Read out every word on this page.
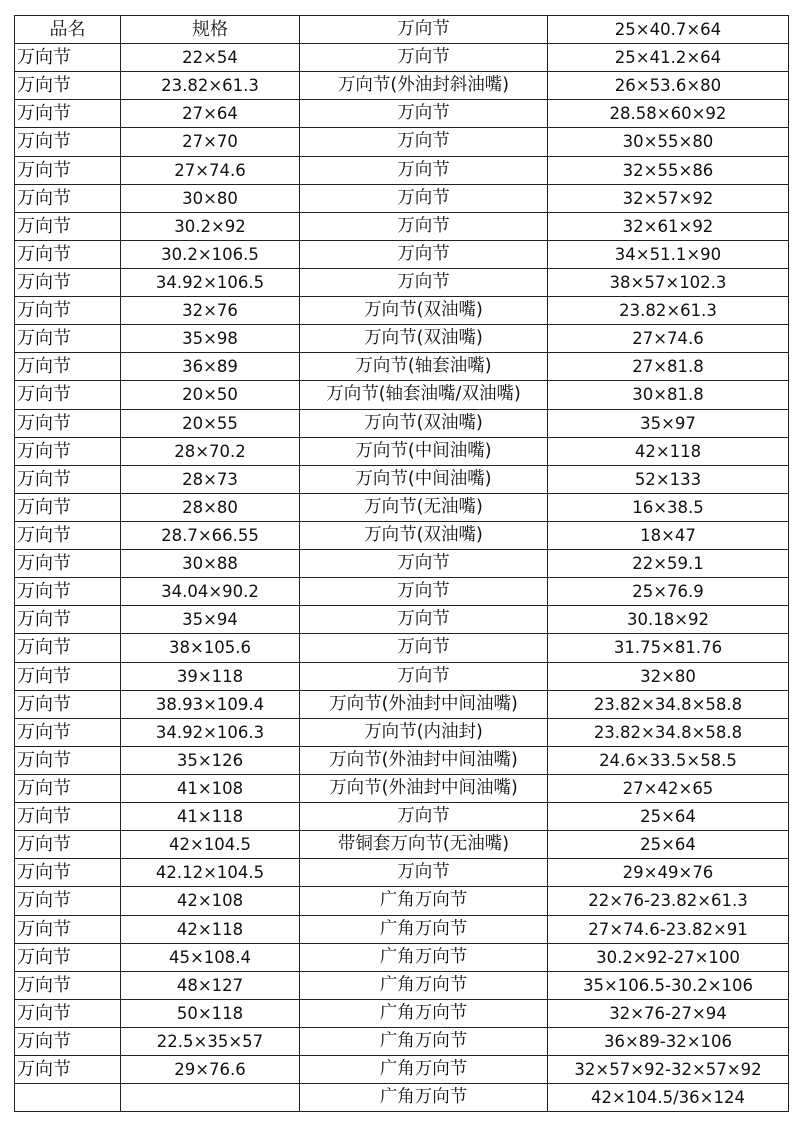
品名	规格	万向节	25×40.7×64
万向节	22×54	万向节	25×41.2×64
万向节	23.82×61.3	万向节(外油封斜油嘴)	26×53.6×80
万向节	27×64	万向节	28.58×60×92
万向节	27×70	万向节	30×55×80
万向节	27×74.6	万向节	32×55×86
万向节	30×80	万向节	32×57×92
万向节	30.2×92	万向节	32×61×92
万向节	30.2×106.5	万向节	34×51.1×90
万向节	34.92×106.5	万向节	38×57×102.3
万向节	32×76	万向节(双油嘴)	23.82×61.3
万向节	35×98	万向节(双油嘴)	27×74.6
万向节	36×89	万向节(轴套油嘴)	27×81.8
万向节	20×50	万向节(轴套油嘴/双油嘴)	30×81.8
万向节	20×55	万向节(双油嘴)	35×97
万向节	28×70.2	万向节(中间油嘴)	42×118
万向节	28×73	万向节(中间油嘴)	52×133
万向节	28×80	万向节(无油嘴)	16×38.5
万向节	28.7×66.55	万向节(双油嘴)	18×47
万向节	30×88	万向节	22×59.1
万向节	34.04×90.2	万向节	25×76.9
万向节	35×94	万向节	30.18×92
万向节	38×105.6	万向节	31.75×81.76
万向节	39×118	万向节	32×80
万向节	38.93×109.4	万向节(外油封中间油嘴)	23.82×34.8×58.8
万向节	34.92×106.3	万向节(内油封)	23.82×34.8×58.8
万向节	35×126	万向节(外油封中间油嘴)	24.6×33.5×58.5
万向节	41×108	万向节(外油封中间油嘴)	27×42×65
万向节	41×118	万向节	25×64
万向节	42×104.5	带铜套万向节(无油嘴)	25×64
万向节	42.12×104.5	万向节	29×49×76
万向节	42×108	广角万向节	22×76-23.82×61.3
万向节	42×118	广角万向节	27×74.6-23.82×91
万向节	45×108.4	广角万向节	30.2×92-27×100
万向节	48×127	广角万向节	35×106.5-30.2×106
万向节	50×118	广角万向节	32×76-27×94
万向节	22.5×35×57	广角万向节	36×89-32×106
万向节	29×76.6	广角万向节	32×57×92-32×57×92
		广角万向节	42×104.5/36×124
